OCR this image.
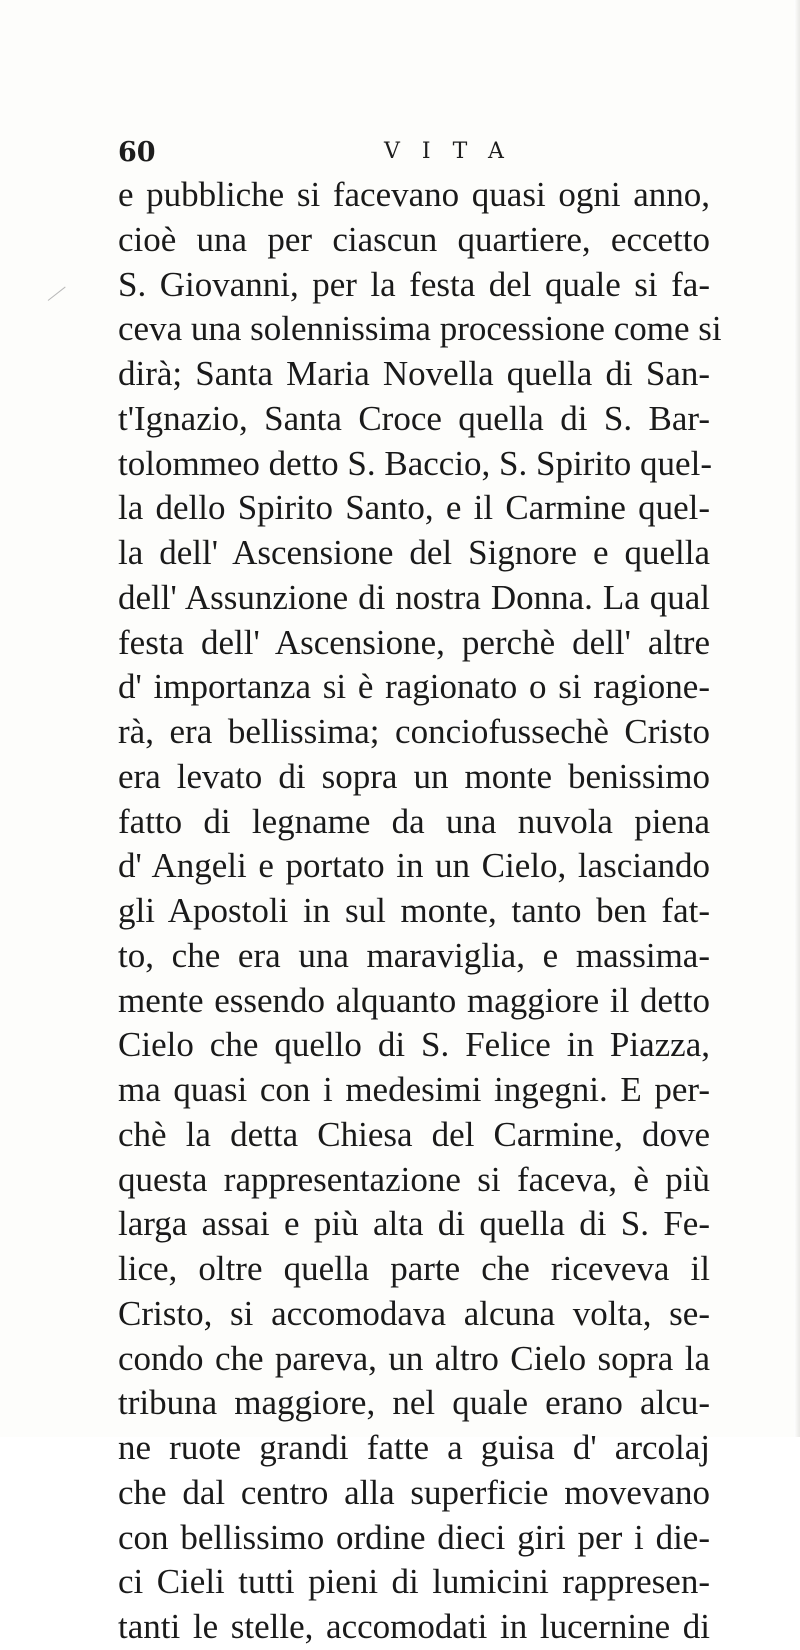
60	VITA
e pubbliche si facevano quasi ogni anno,
cioè una per ciascun quartiere, eccetto
S. Giovanni, per la festa del quale si fa-
ceva una solennissima processione come si
dirà; Santa Maria Novella quella di San-
t'Ignazio, Santa Croce quella di S. Bar-
tolommeo detto S. Baccio, S. Spirito quel-
la dello Spirito Santo, e il Carmine quel-
la dell' Ascensione del Signore e quella
dell' Assunzione di nostra Donna. La qual
festa dell' Ascensione, perchè dell' altre
d' importanza si è ragionato o si ragione-
rà, era bellissima; conciofussechè Cristo
era levato di sopra un monte benissimo
fatto di legname da una nuvola piena
d' Angeli e portato in un Cielo, lasciando
gli Apostoli in sul monte, tanto ben fat-
to, che era una maraviglia, e massima-
mente essendo alquanto maggiore il detto
Cielo che quello di S. Felice in Piazza,
ma quasi con i medesimi ingegni. E per-
chè la detta Chiesa del Carmine, dove
questa rappresentazione si faceva, è più
larga assai e più alta di quella di S. Fe-
lice, oltre quella parte che riceveva il
Cristo, si accomodava alcuna volta, se-
condo che pareva, un altro Cielo sopra la
tribuna maggiore, nel quale erano alcu-
ne ruote grandi fatte a guisa d' arcolaj
che dal centro alla superficie movevano
con bellissimo ordine dieci giri per i die-
ci Cieli tutti pieni di lumicini rappresen-
tanti le stelle, accomodati in lucernine di
